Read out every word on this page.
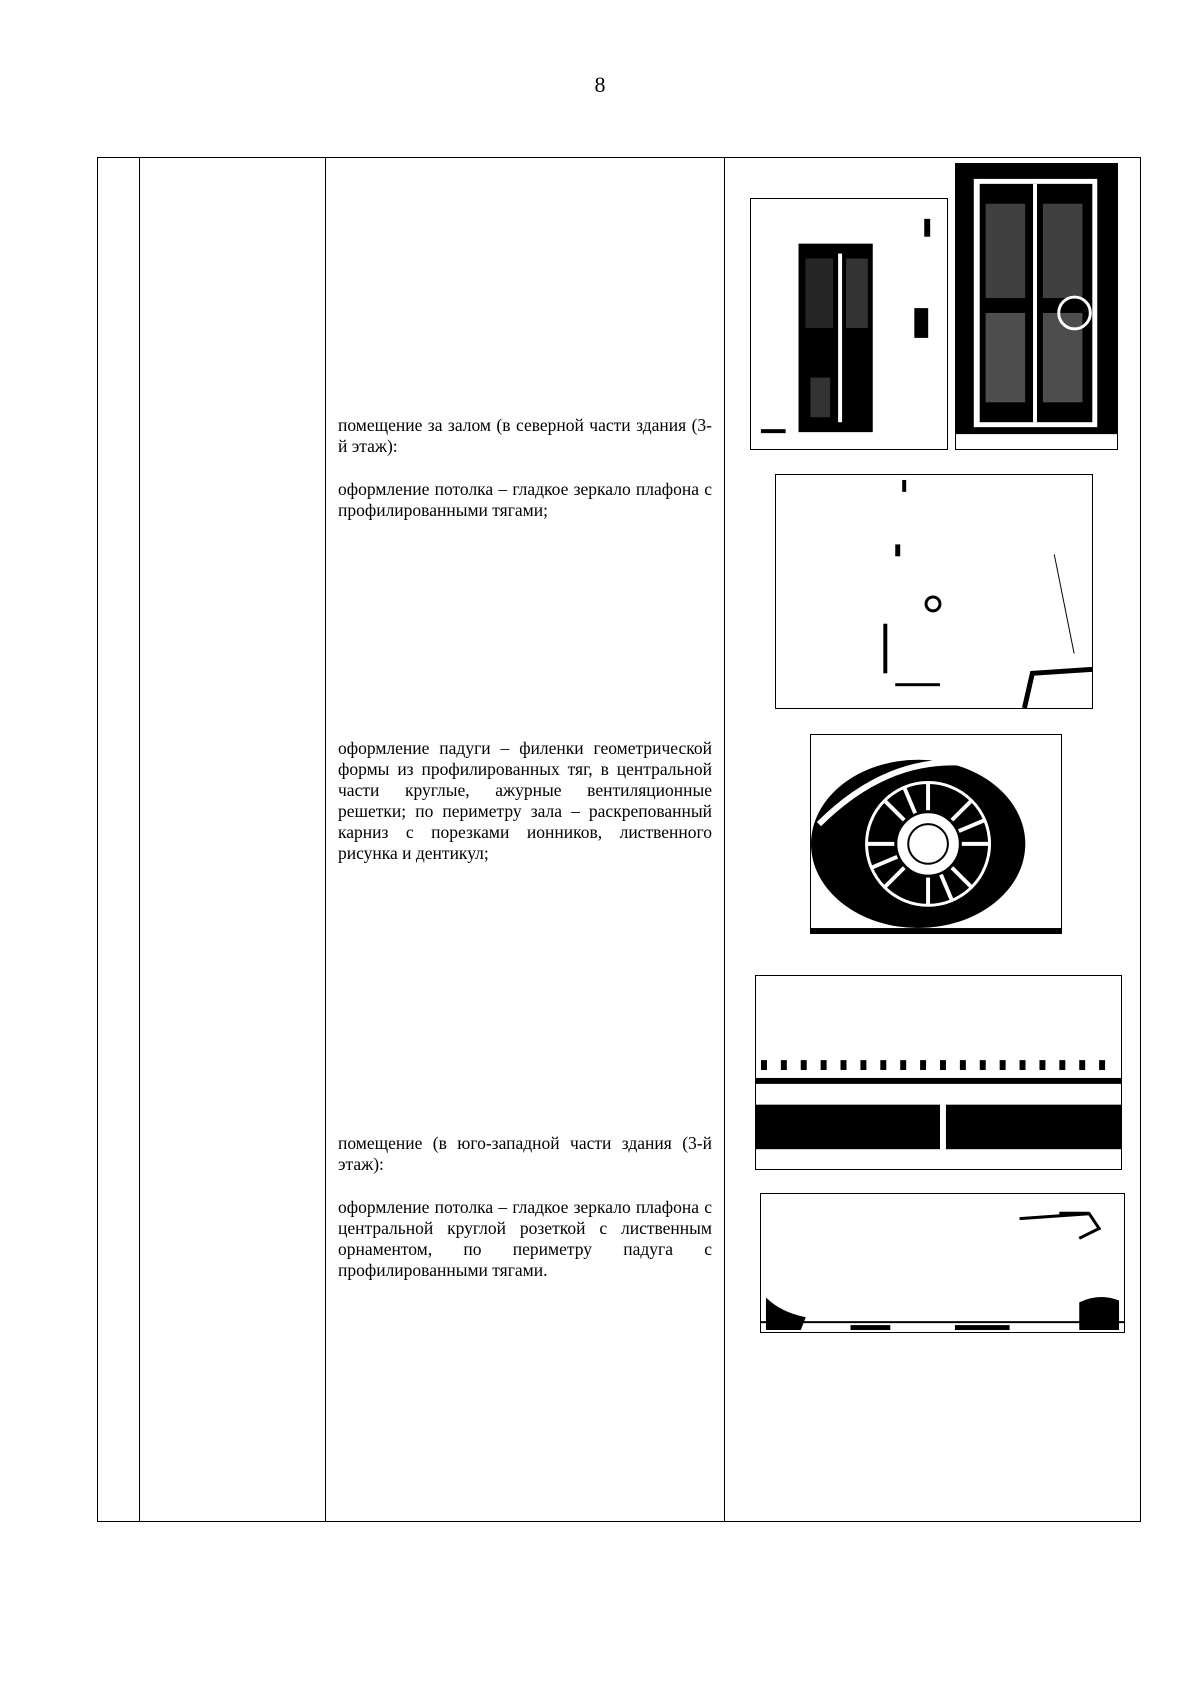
8

помещение за залом (в северной части здания (3-й этаж):

оформление потолка – гладкое зеркало плафона с профилированными тягами;

оформление падуги – филенки геометрической формы из профилированных тяг, в центральной части круглые, ажурные вентиляционные решетки; по периметру зала – раскрепованный карниз с порезками ионников, лиственного рисунка и дентикул;

помещение (в юго-западной части здания (3-й этаж):

оформление потолка – гладкое зеркало плафона с центральной круглой розеткой с лиственным орнаментом, по периметру падуга с профилированными тягами.
